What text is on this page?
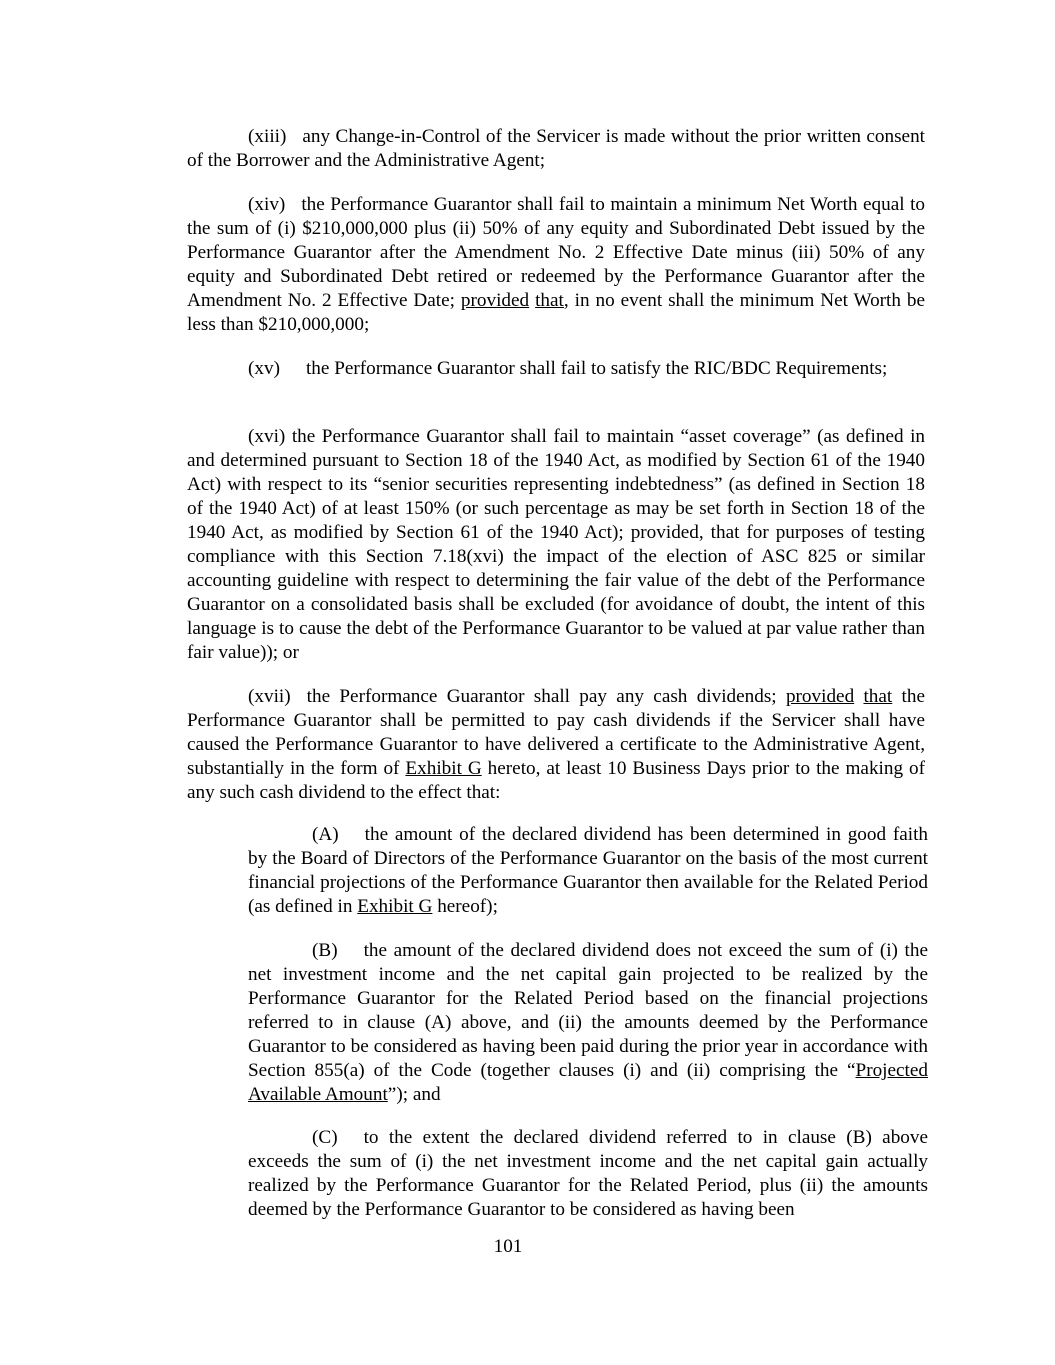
(xiii) any Change-in-Control of the Servicer is made without the prior written consent of the Borrower and the Administrative Agent;

(xiv) the Performance Guarantor shall fail to maintain a minimum Net Worth equal to the sum of (i) $210,000,000 plus (ii) 50% of any equity and Subordinated Debt issued by the Performance Guarantor after the Amendment No. 2 Effective Date minus (iii) 50% of any equity and Subordinated Debt retired or redeemed by the Performance Guarantor after the Amendment No. 2 Effective Date; provided that, in no event shall the minimum Net Worth be less than $210,000,000;

(xv) the Performance Guarantor shall fail to satisfy the RIC/BDC Requirements;

(xvi) the Performance Guarantor shall fail to maintain “asset coverage” (as defined in and determined pursuant to Section 18 of the 1940 Act, as modified by Section 61 of the 1940 Act) with respect to its “senior securities representing indebtedness” (as defined in Section 18 of the 1940 Act) of at least 150% (or such percentage as may be set forth in Section 18 of the 1940 Act, as modified by Section 61 of the 1940 Act); provided, that for purposes of testing compliance with this Section 7.18(xvi) the impact of the election of ASC 825 or similar accounting guideline with respect to determining the fair value of the debt of the Performance Guarantor on a consolidated basis shall be excluded (for avoidance of doubt, the intent of this language is to cause the debt of the Performance Guarantor to be valued at par value rather than fair value)); or

(xvii) the Performance Guarantor shall pay any cash dividends; provided that the Performance Guarantor shall be permitted to pay cash dividends if the Servicer shall have caused the Performance Guarantor to have delivered a certificate to the Administrative Agent, substantially in the form of Exhibit G hereto, at least 10 Business Days prior to the making of any such cash dividend to the effect that:

(A) the amount of the declared dividend has been determined in good faith by the Board of Directors of the Performance Guarantor on the basis of the most current financial projections of the Performance Guarantor then available for the Related Period (as defined in Exhibit G hereof);

(B) the amount of the declared dividend does not exceed the sum of (i) the net investment income and the net capital gain projected to be realized by the Performance Guarantor for the Related Period based on the financial projections referred to in clause (A) above, and (ii) the amounts deemed by the Performance Guarantor to be considered as having been paid during the prior year in accordance with Section 855(a) of the Code (together clauses (i) and (ii) comprising the “Projected Available Amount”); and

(C) to the extent the declared dividend referred to in clause (B) above exceeds the sum of (i) the net investment income and the net capital gain actually realized by the Performance Guarantor for the Related Period, plus (ii) the amounts deemed by the Performance Guarantor to be considered as having been

101
